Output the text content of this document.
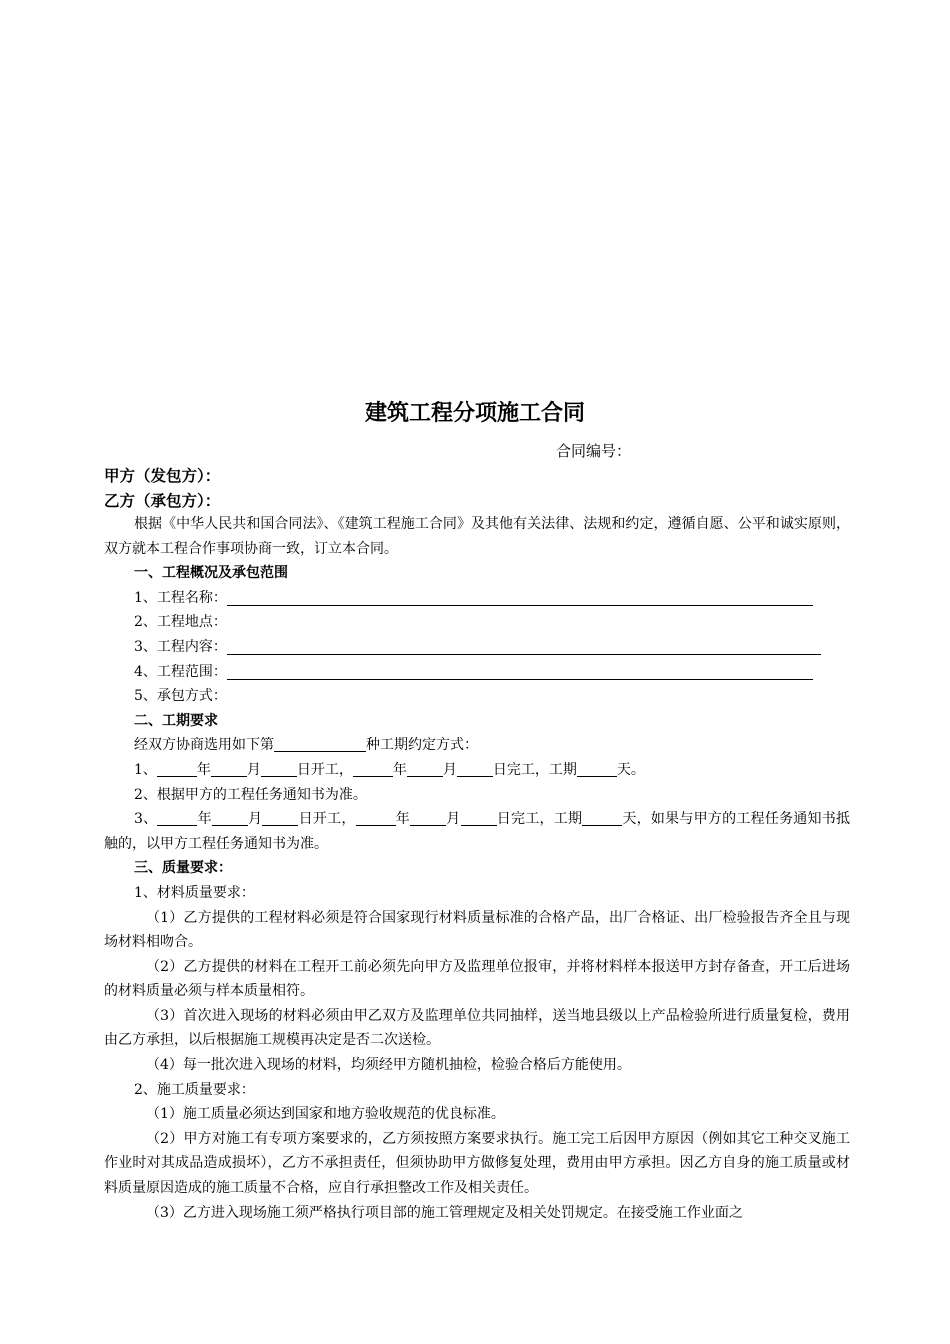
建筑工程分项施工合同
合同编号：
甲方（发包方）：
乙方（承包方）：

根据《中华人民共和国合同法》、《建筑工程施工合同》及其他有关法律、法规和约定，遵循自愿、公平和诚实原则，双方就本工程合作事项协商一致，订立本合同。

一、工程概况及承包范围

1、工程名称：

2、工程地点：

3、工程内容：

4、工程范围：

5、承包方式：

二、工期要求

经双方协商选用如下第	种工期约定方式：

1、	年	月	日开工，	年	月	日完工，工期	天。

2、根据甲方的工程任务通知书为准。

3、	年	月	日开工，	年	月	日完工，工期	天，如果与甲方的工程任务通知书抵触的，以甲方工程任务通知书为准。

三、质量要求：

1、材料质量要求：

（1）乙方提供的工程材料必须是符合国家现行材料质量标准的合格产品，出厂合格证、出厂检验报告齐全且与现场材料相吻合。

（2）乙方提供的材料在工程开工前必须先向甲方及监理单位报审，并将材料样本报送甲方封存备查，开工后进场的材料质量必须与样本质量相符。

（3）首次进入现场的材料必须由甲乙双方及监理单位共同抽样，送当地县级以上产品检验所进行质量复检，费用由乙方承担，以后根据施工规模再决定是否二次送检。

（4）每一批次进入现场的材料，均须经甲方随机抽检，检验合格后方能使用。

2、施工质量要求：

（1）施工质量必须达到国家和地方验收规范的优良标准。

（2）甲方对施工有专项方案要求的，乙方须按照方案要求执行。施工完工后因甲方原因（例如其它工种交叉施工作业时对其成品造成损坏），乙方不承担责任，但须协助甲方做修复处理，费用由甲方承担。因乙方自身的施工质量或材料质量原因造成的施工质量不合格，应自行承担整改工作及相关责任。

（3）乙方进入现场施工须严格执行项目部的施工管理规定及相关处罚规定。在接受施工作业面之
